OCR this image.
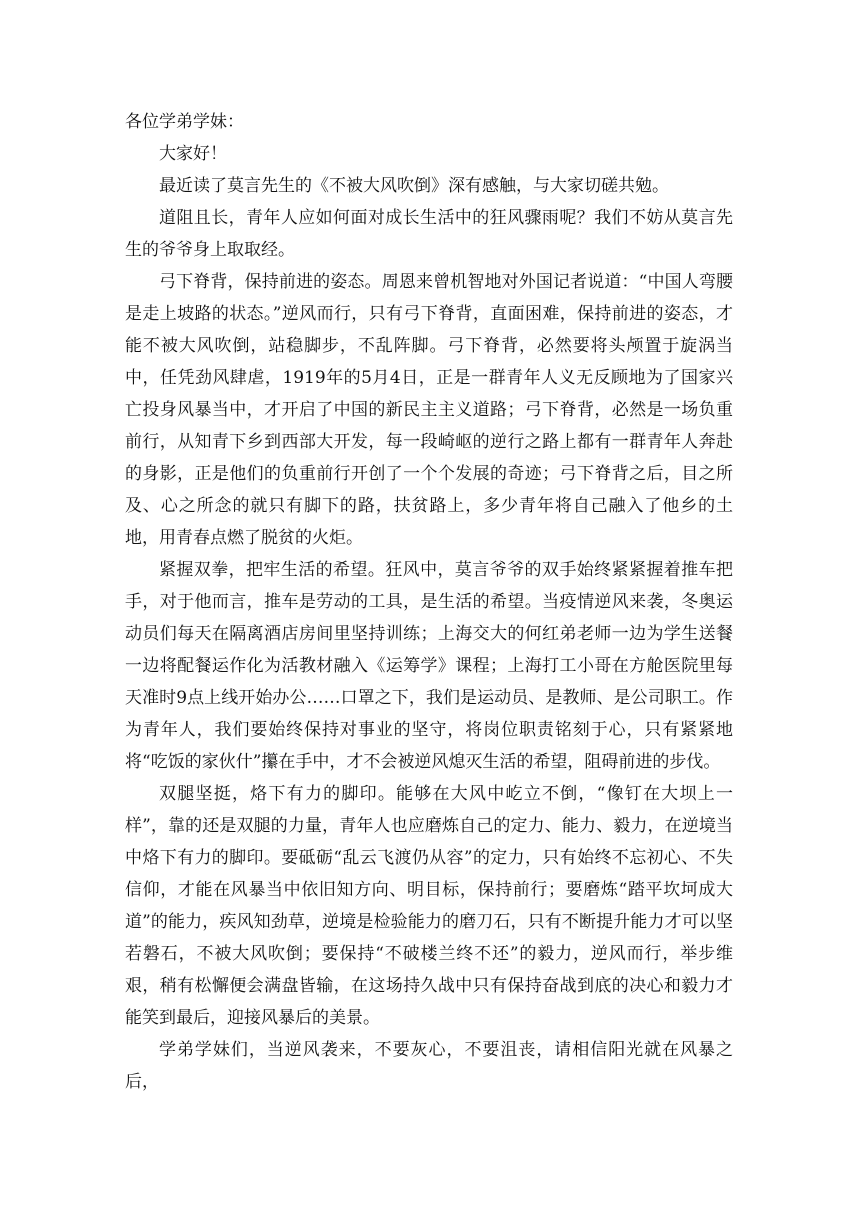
各位学弟学妹：

大家好！

最近读了莫言先生的《不被大风吹倒》深有感触，与大家切磋共勉。

道阻且长，青年人应如何面对成长生活中的狂风骤雨呢？我们不妨从莫言先生的爷爷身上取取经。

弓下脊背，保持前进的姿态。周恩来曾机智地对外国记者说道：“中国人弯腰是走上坡路的状态。”逆风而行，只有弓下脊背，直面困难，保持前进的姿态，才能不被大风吹倒，站稳脚步，不乱阵脚。弓下脊背，必然要将头颅置于旋涡当中，任凭劲风肆虐，1919年的5月4日，正是一群青年人义无反顾地为了国家兴亡投身风暴当中，才开启了中国的新民主主义道路；弓下脊背，必然是一场负重前行，从知青下乡到西部大开发，每一段崎岖的逆行之路上都有一群青年人奔赴的身影，正是他们的负重前行开创了一个个发展的奇迹；弓下脊背之后，目之所及、心之所念的就只有脚下的路，扶贫路上，多少青年将自己融入了他乡的土地，用青春点燃了脱贫的火炬。

紧握双拳，把牢生活的希望。狂风中，莫言爷爷的双手始终紧紧握着推车把手，对于他而言，推车是劳动的工具，是生活的希望。当疫情逆风来袭，冬奥运动员们每天在隔离酒店房间里坚持训练；上海交大的何红弟老师一边为学生送餐一边将配餐运作化为活教材融入《运筹学》课程；上海打工小哥在方舱医院里每天准时9点上线开始办公……口罩之下，我们是运动员、是教师、是公司职工。作为青年人，我们要始终保持对事业的坚守，将岗位职责铭刻于心，只有紧紧地将“吃饭的家伙什”攥在手中，才不会被逆风熄灭生活的希望，阻碍前进的步伐。

双腿坚挺，烙下有力的脚印。能够在大风中屹立不倒，“像钉在大坝上一样”，靠的还是双腿的力量，青年人也应磨炼自己的定力、能力、毅力，在逆境当中烙下有力的脚印。要砥砺“乱云飞渡仍从容”的定力，只有始终不忘初心、不失信仰，才能在风暴当中依旧知方向、明目标，保持前行；要磨炼“踏平坎坷成大道”的能力，疾风知劲草，逆境是检验能力的磨刀石，只有不断提升能力才可以坚若磐石，不被大风吹倒；要保持“不破楼兰终不还”的毅力，逆风而行，举步维艰，稍有松懈便会满盘皆输，在这场持久战中只有保持奋战到底的决心和毅力才能笑到最后，迎接风暴后的美景。

学弟学妹们，当逆风袭来，不要灰心，不要沮丧，请相信阳光就在风暴之后，
